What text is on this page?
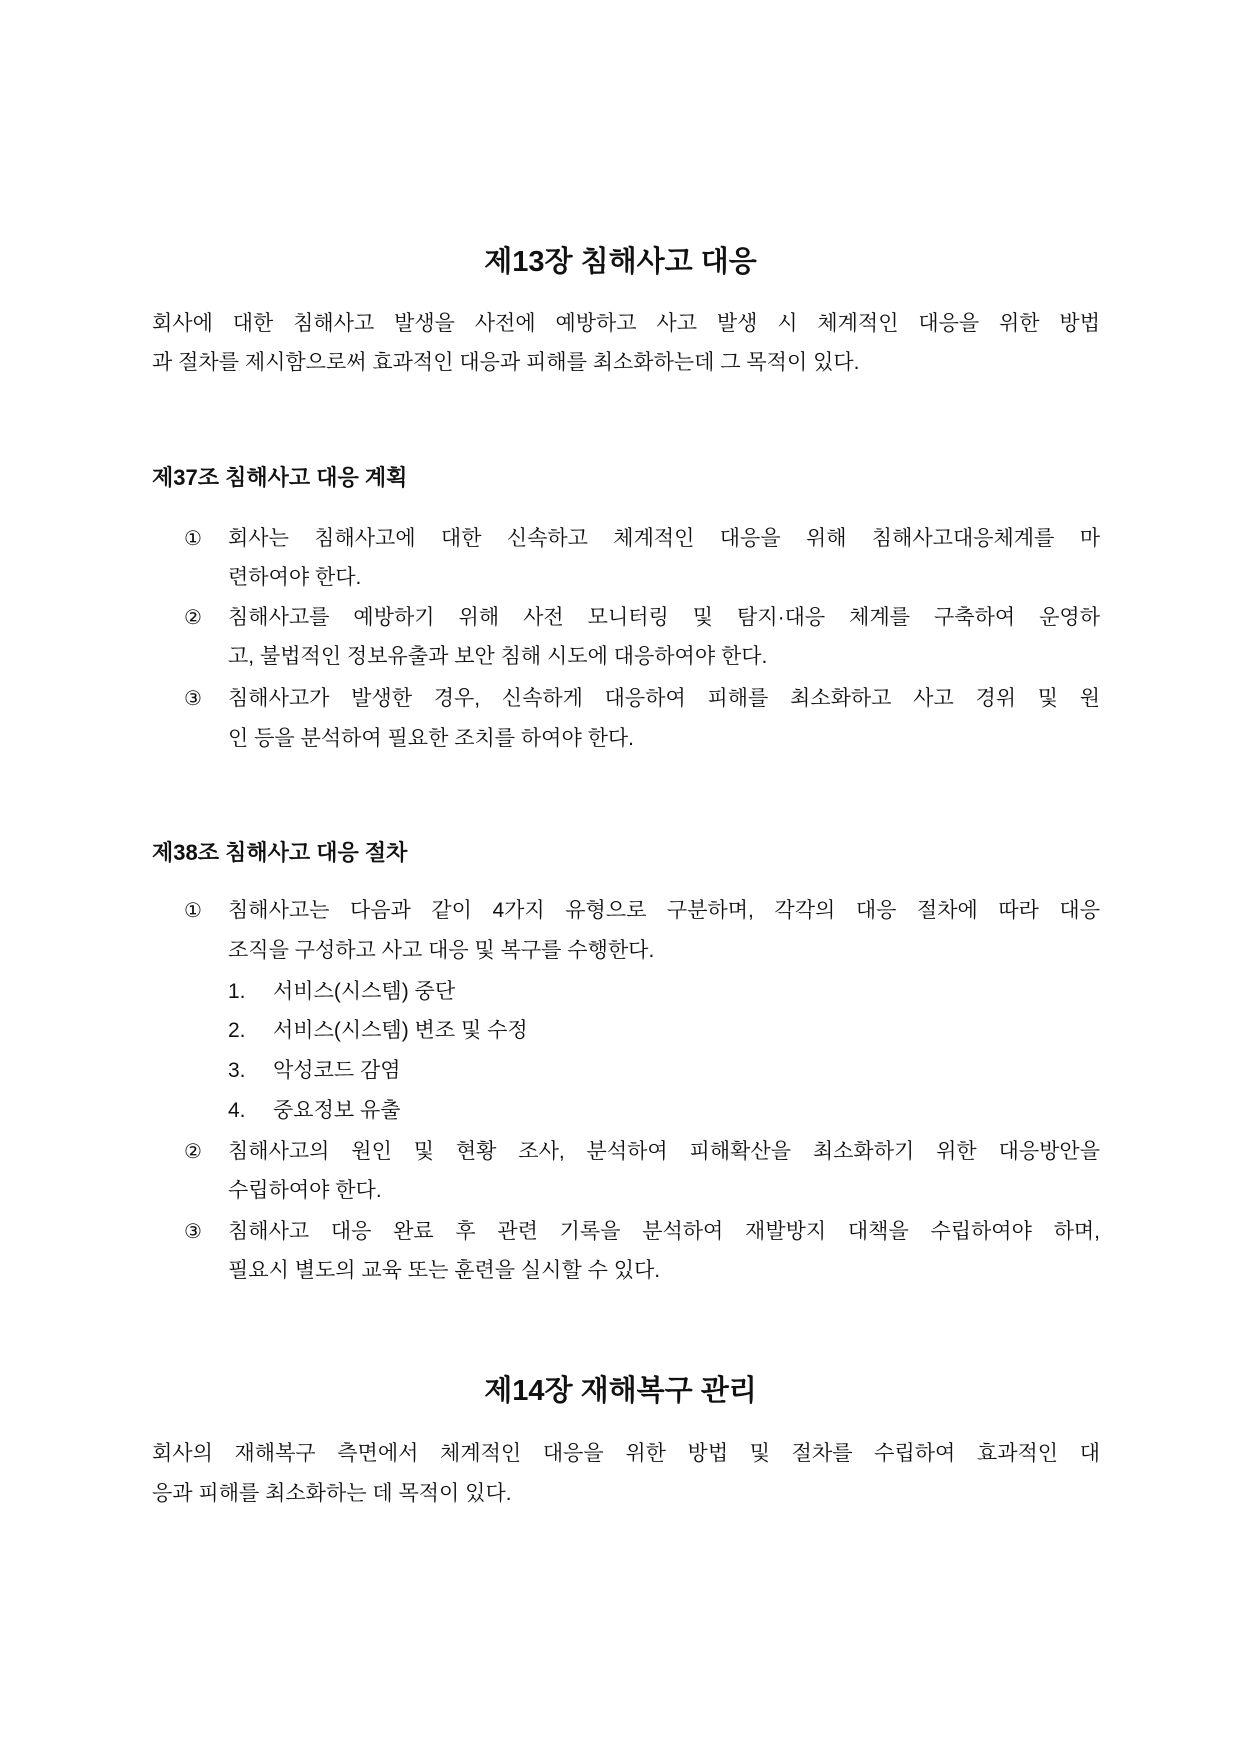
제13장 침해사고 대응
회사에 대한 침해사고 발생을 사전에 예방하고 사고 발생 시 체계적인 대응을 위한 방법
과 절차를 제시함으로써 효과적인 대응과 피해를 최소화하는데 그 목적이 있다.
제37조 침해사고 대응 계획
① 회사는 침해사고에 대한 신속하고 체계적인 대응을 위해 침해사고대응체계를 마
련하여야 한다.
② 침해사고를 예방하기 위해 사전 모니터링 및 탐지·대응 체계를 구축하여 운영하
고, 불법적인 정보유출과 보안 침해 시도에 대응하여야 한다.
③ 침해사고가 발생한 경우, 신속하게 대응하여 피해를 최소화하고 사고 경위 및 원
인 등을 분석하여 필요한 조치를 하여야 한다.
제38조 침해사고 대응 절차
① 침해사고는 다음과 같이 4가지 유형으로 구분하며, 각각의 대응 절차에 따라 대응
조직을 구성하고 사고 대응 및 복구를 수행한다.
1. 서비스(시스템) 중단
2. 서비스(시스템) 변조 및 수정
3. 악성코드 감염
4. 중요정보 유출
② 침해사고의 원인 및 현황 조사, 분석하여 피해확산을 최소화하기 위한 대응방안을
수립하여야 한다.
③ 침해사고 대응 완료 후 관련 기록을 분석하여 재발방지 대책을 수립하여야 하며,
필요시 별도의 교육 또는 훈련을 실시할 수 있다.
제14장 재해복구 관리
회사의 재해복구 측면에서 체계적인 대응을 위한 방법 및 절차를 수립하여 효과적인 대
응과 피해를 최소화하는 데 목적이 있다.
